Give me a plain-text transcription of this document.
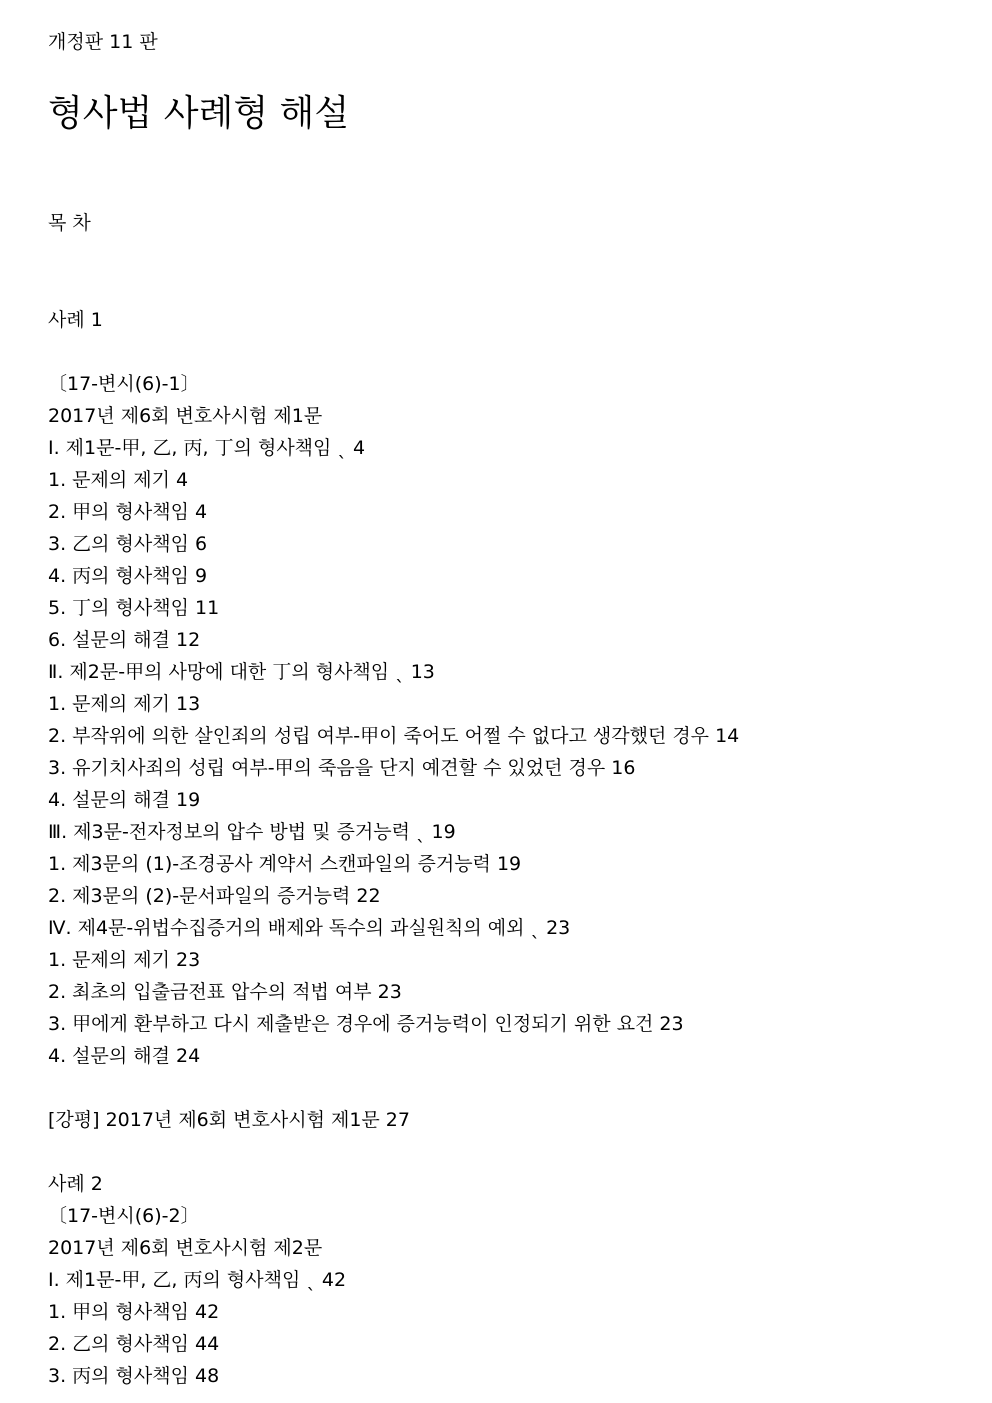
개정판 11 판
형사법 사례형 해설
목 차
사례 1
〔17-변시(6)-1〕
2017년 제6회 변호사시험 제1문
Ⅰ. 제1문-甲, 乙, 丙, 丁의 형사책임 ˎ 4
1. 문제의 제기 4
2. 甲의 형사책임 4
3. 乙의 형사책임 6
4. 丙의 형사책임 9
5. 丁의 형사책임 11
6. 설문의 해결 12
Ⅱ. 제2문-甲의 사망에 대한 丁의 형사책임 ˎ 13
1. 문제의 제기 13
2. 부작위에 의한 살인죄의 성립 여부-甲이 죽어도 어쩔 수 없다고 생각했던 경우 14
3. 유기치사죄의 성립 여부-甲의 죽음을 단지 예견할 수 있었던 경우 16
4. 설문의 해결 19
Ⅲ. 제3문-전자정보의 압수 방법 및 증거능력 ˎ 19
1. 제3문의 (1)-조경공사 계약서 스캔파일의 증거능력 19
2. 제3문의 (2)-문서파일의 증거능력 22
Ⅳ. 제4문-위법수집증거의 배제와 독수의 과실원칙의 예외 ˎ 23
1. 문제의 제기 23
2. 최초의 입출금전표 압수의 적법 여부 23
3. 甲에게 환부하고 다시 제출받은 경우에 증거능력이 인정되기 위한 요건 23
4. 설문의 해결 24
[강평] 2017년 제6회 변호사시험 제1문 27
사례 2
〔17-변시(6)-2〕
2017년 제6회 변호사시험 제2문
Ⅰ. 제1문-甲, 乙, 丙의 형사책임 ˎ 42
1. 甲의 형사책임 42
2. 乙의 형사책임 44
3. 丙의 형사책임 48
